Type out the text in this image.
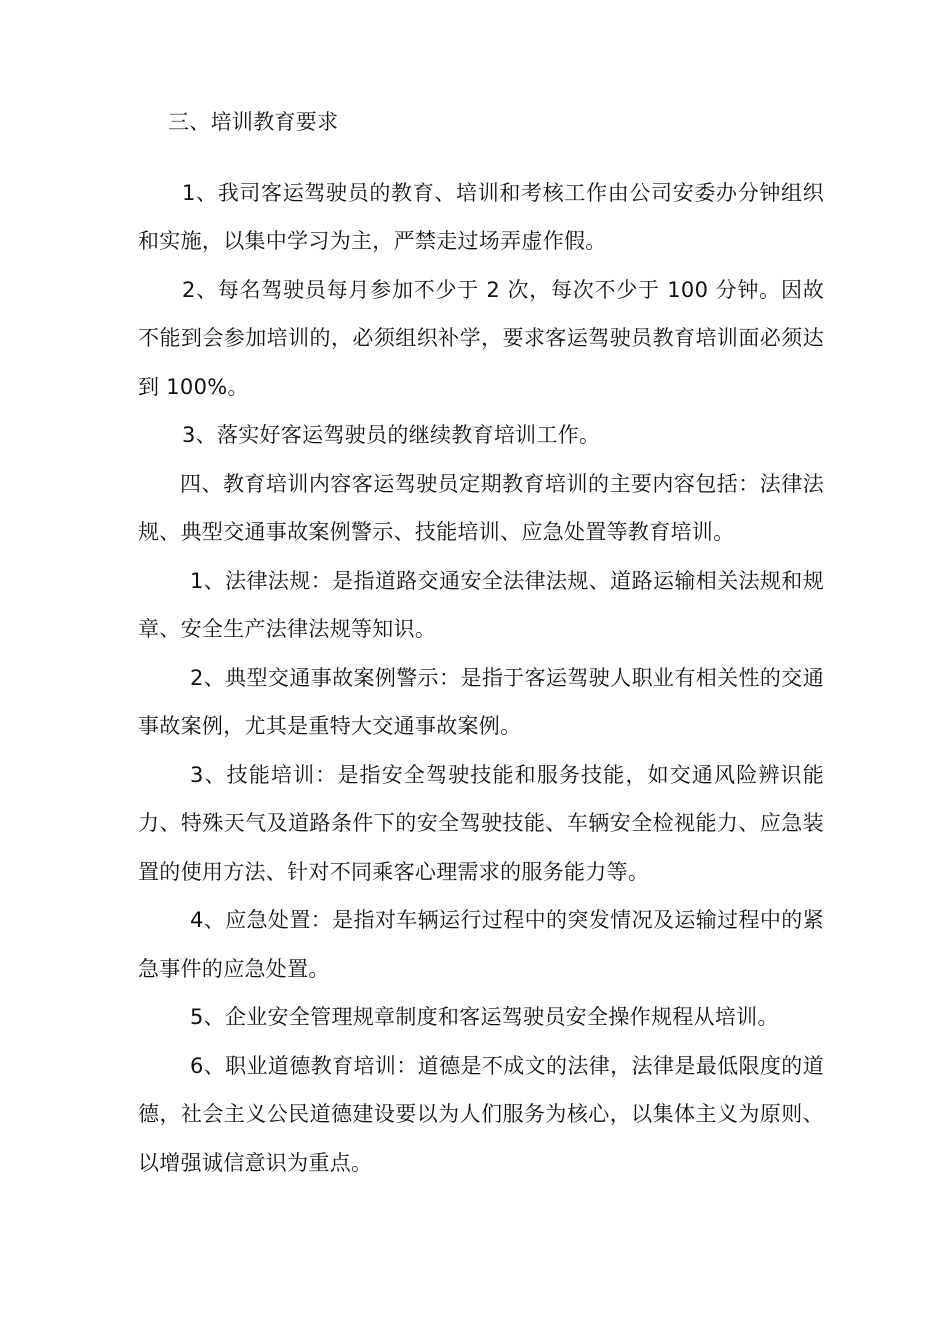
三、培训教育要求

1、我司客运驾驶员的教育、培训和考核工作由公司安委办分钟组织和实施，以集中学习为主，严禁走过场弄虚作假。

2、每名驾驶员每月参加不少于 2 次，每次不少于 100 分钟。因故不能到会参加培训的，必须组织补学，要求客运驾驶员教育培训面必须达到 100%。

3、落实好客运驾驶员的继续教育培训工作。

四、教育培训内容客运驾驶员定期教育培训的主要内容包括：法律法规、典型交通事故案例警示、技能培训、应急处置等教育培训。

1、法律法规：是指道路交通安全法律法规、道路运输相关法规和规章、安全生产法律法规等知识。

2、典型交通事故案例警示：是指于客运驾驶人职业有相关性的交通事故案例，尤其是重特大交通事故案例。

3、技能培训：是指安全驾驶技能和服务技能，如交通风险辨识能力、特殊天气及道路条件下的安全驾驶技能、车辆安全检视能力、应急装置的使用方法、针对不同乘客心理需求的服务能力等。

4、应急处置：是指对车辆运行过程中的突发情况及运输过程中的紧急事件的应急处置。

5、企业安全管理规章制度和客运驾驶员安全操作规程从培训。

6、职业道德教育培训：道德是不成文的法律，法律是最低限度的道德，社会主义公民道德建设要以为人们服务为核心，以集体主义为原则、以增强诚信意识为重点。
